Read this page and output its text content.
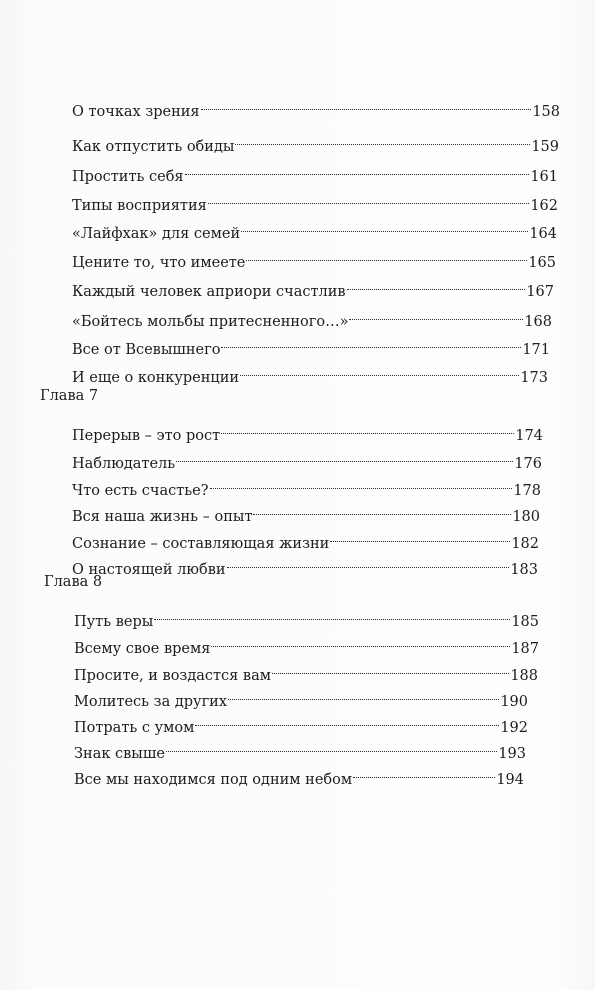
О точках зрения	158
Как отпустить обиды	159
Простить себя	161
Типы восприятия	162
«Лайфхак» для семей	164
Цените то, что имеете	165
Каждый человек априори счастлив	167
«Бойтесь мольбы притесненного…»	168
Все от Всевышнего	171
И еще о конкуренции	173
Глава 7
Перерыв – это рост	174
Наблюдатель	176
Что есть счастье?	178
Вся наша жизнь – опыт	180
Сознание – составляющая жизни	182
О настоящей любви	183
Глава 8
Путь веры	185
Всему свое время	187
Просите, и воздастся вам	188
Молитесь за других	190
Потрать с умом	192
Знак свыше	193
Все мы находимся под одним небом	194
